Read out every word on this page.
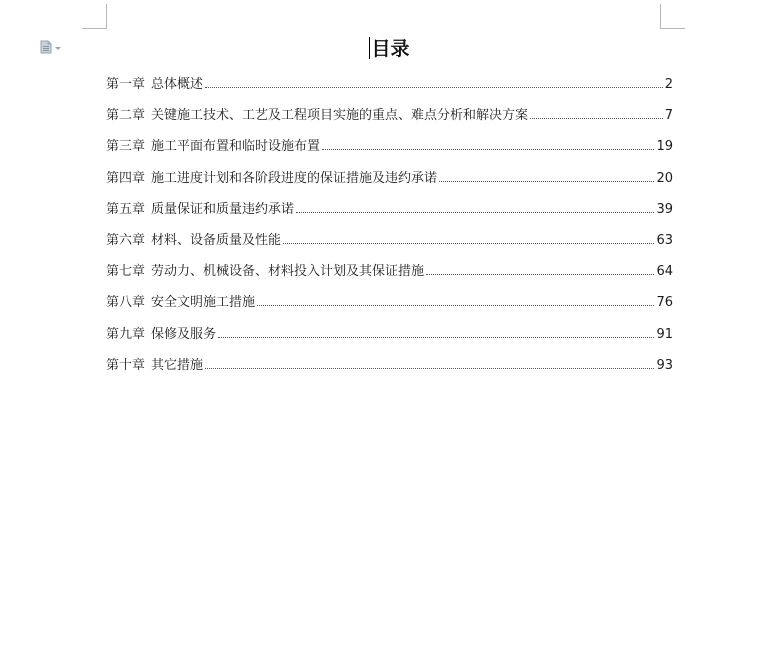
目录
第一章 总体概述	2
第二章 关键施工技术、工艺及工程项目实施的重点、难点分析和解决方案	7
第三章 施工平面布置和临时设施布置	19
第四章 施工进度计划和各阶段进度的保证措施及违约承诺	20
第五章 质量保证和质量违约承诺	39
第六章 材料、设备质量及性能	63
第七章 劳动力、机械设备、材料投入计划及其保证措施	64
第八章 安全文明施工措施	76
第九章 保修及服务	91
第十章 其它措施	93
